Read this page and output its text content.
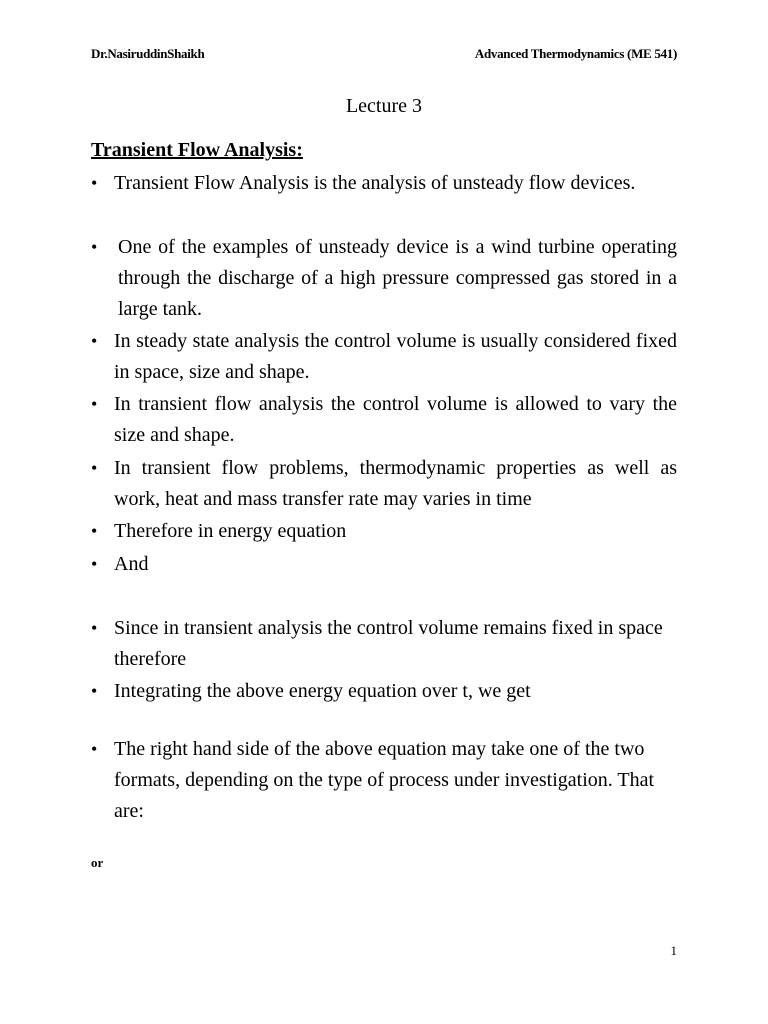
Dr.NasiruddinShaikh	Advanced Thermodynamics (ME 541)
Lecture 3
Transient Flow Analysis:
• Transient Flow Analysis is the analysis of unsteady flow devices.
•	One of the examples of unsteady device is a wind turbine operating through the discharge of a high pressure compressed gas stored in a large tank.
• In steady state analysis the control volume is usually considered fixed in space, size and shape.
• In transient flow analysis the control volume is allowed to vary the size and shape.
• In transient flow problems, thermodynamic properties as well as work, heat and mass transfer rate may varies in time
• Therefore in energy equation
• And
• Since in transient analysis the control volume remains fixed in space therefore
• Integrating the above energy equation over t, we get
• The right hand side of the above equation may take one of the two formats, depending on the type of process under investigation. That are:
or
1
